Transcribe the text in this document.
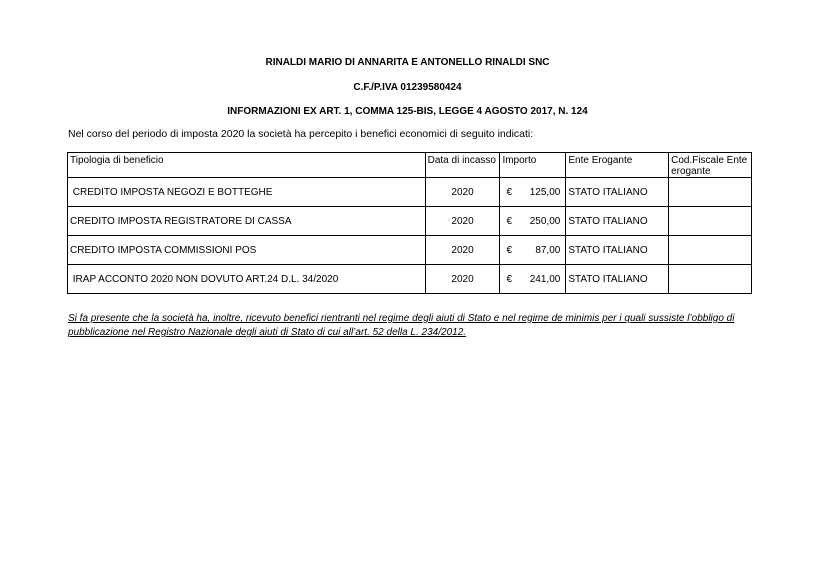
RINALDI MARIO DI ANNARITA E ANTONELLO RINALDI SNC
C.F./P.IVA 01239580424
INFORMAZIONI EX ART. 1, COMMA 125-BIS, LEGGE 4 AGOSTO 2017, N. 124
Nel corso del periodo di imposta 2020 la società ha percepito i benefici economici di seguito indicati:
Tipologia di beneficio	Data di incasso	Importo	Ente Erogante	Cod.Fiscale Ente erogante
CREDITO IMPOSTA NEGOZI E BOTTEGHE	2020	€ 125,00	STATO ITALIANO	
CREDITO IMPOSTA REGISTRATORE DI CASSA	2020	€ 250,00	STATO ITALIANO	
CREDITO IMPOSTA COMMISSIONI POS	2020	€ 87,00	STATO ITALIANO	
IRAP ACCONTO 2020 NON DOVUTO ART.24 D.L. 34/2020	2020	€ 241,00	STATO ITALIANO	
Si fa presente che la società ha, inoltre, ricevuto benefici rientranti nel regime degli aiuti di Stato e nel regime de minimis per i quali sussiste l’obbligo di pubblicazione nel Registro Nazionale degli aiuti di Stato di cui all’art. 52 della L. 234/2012.
